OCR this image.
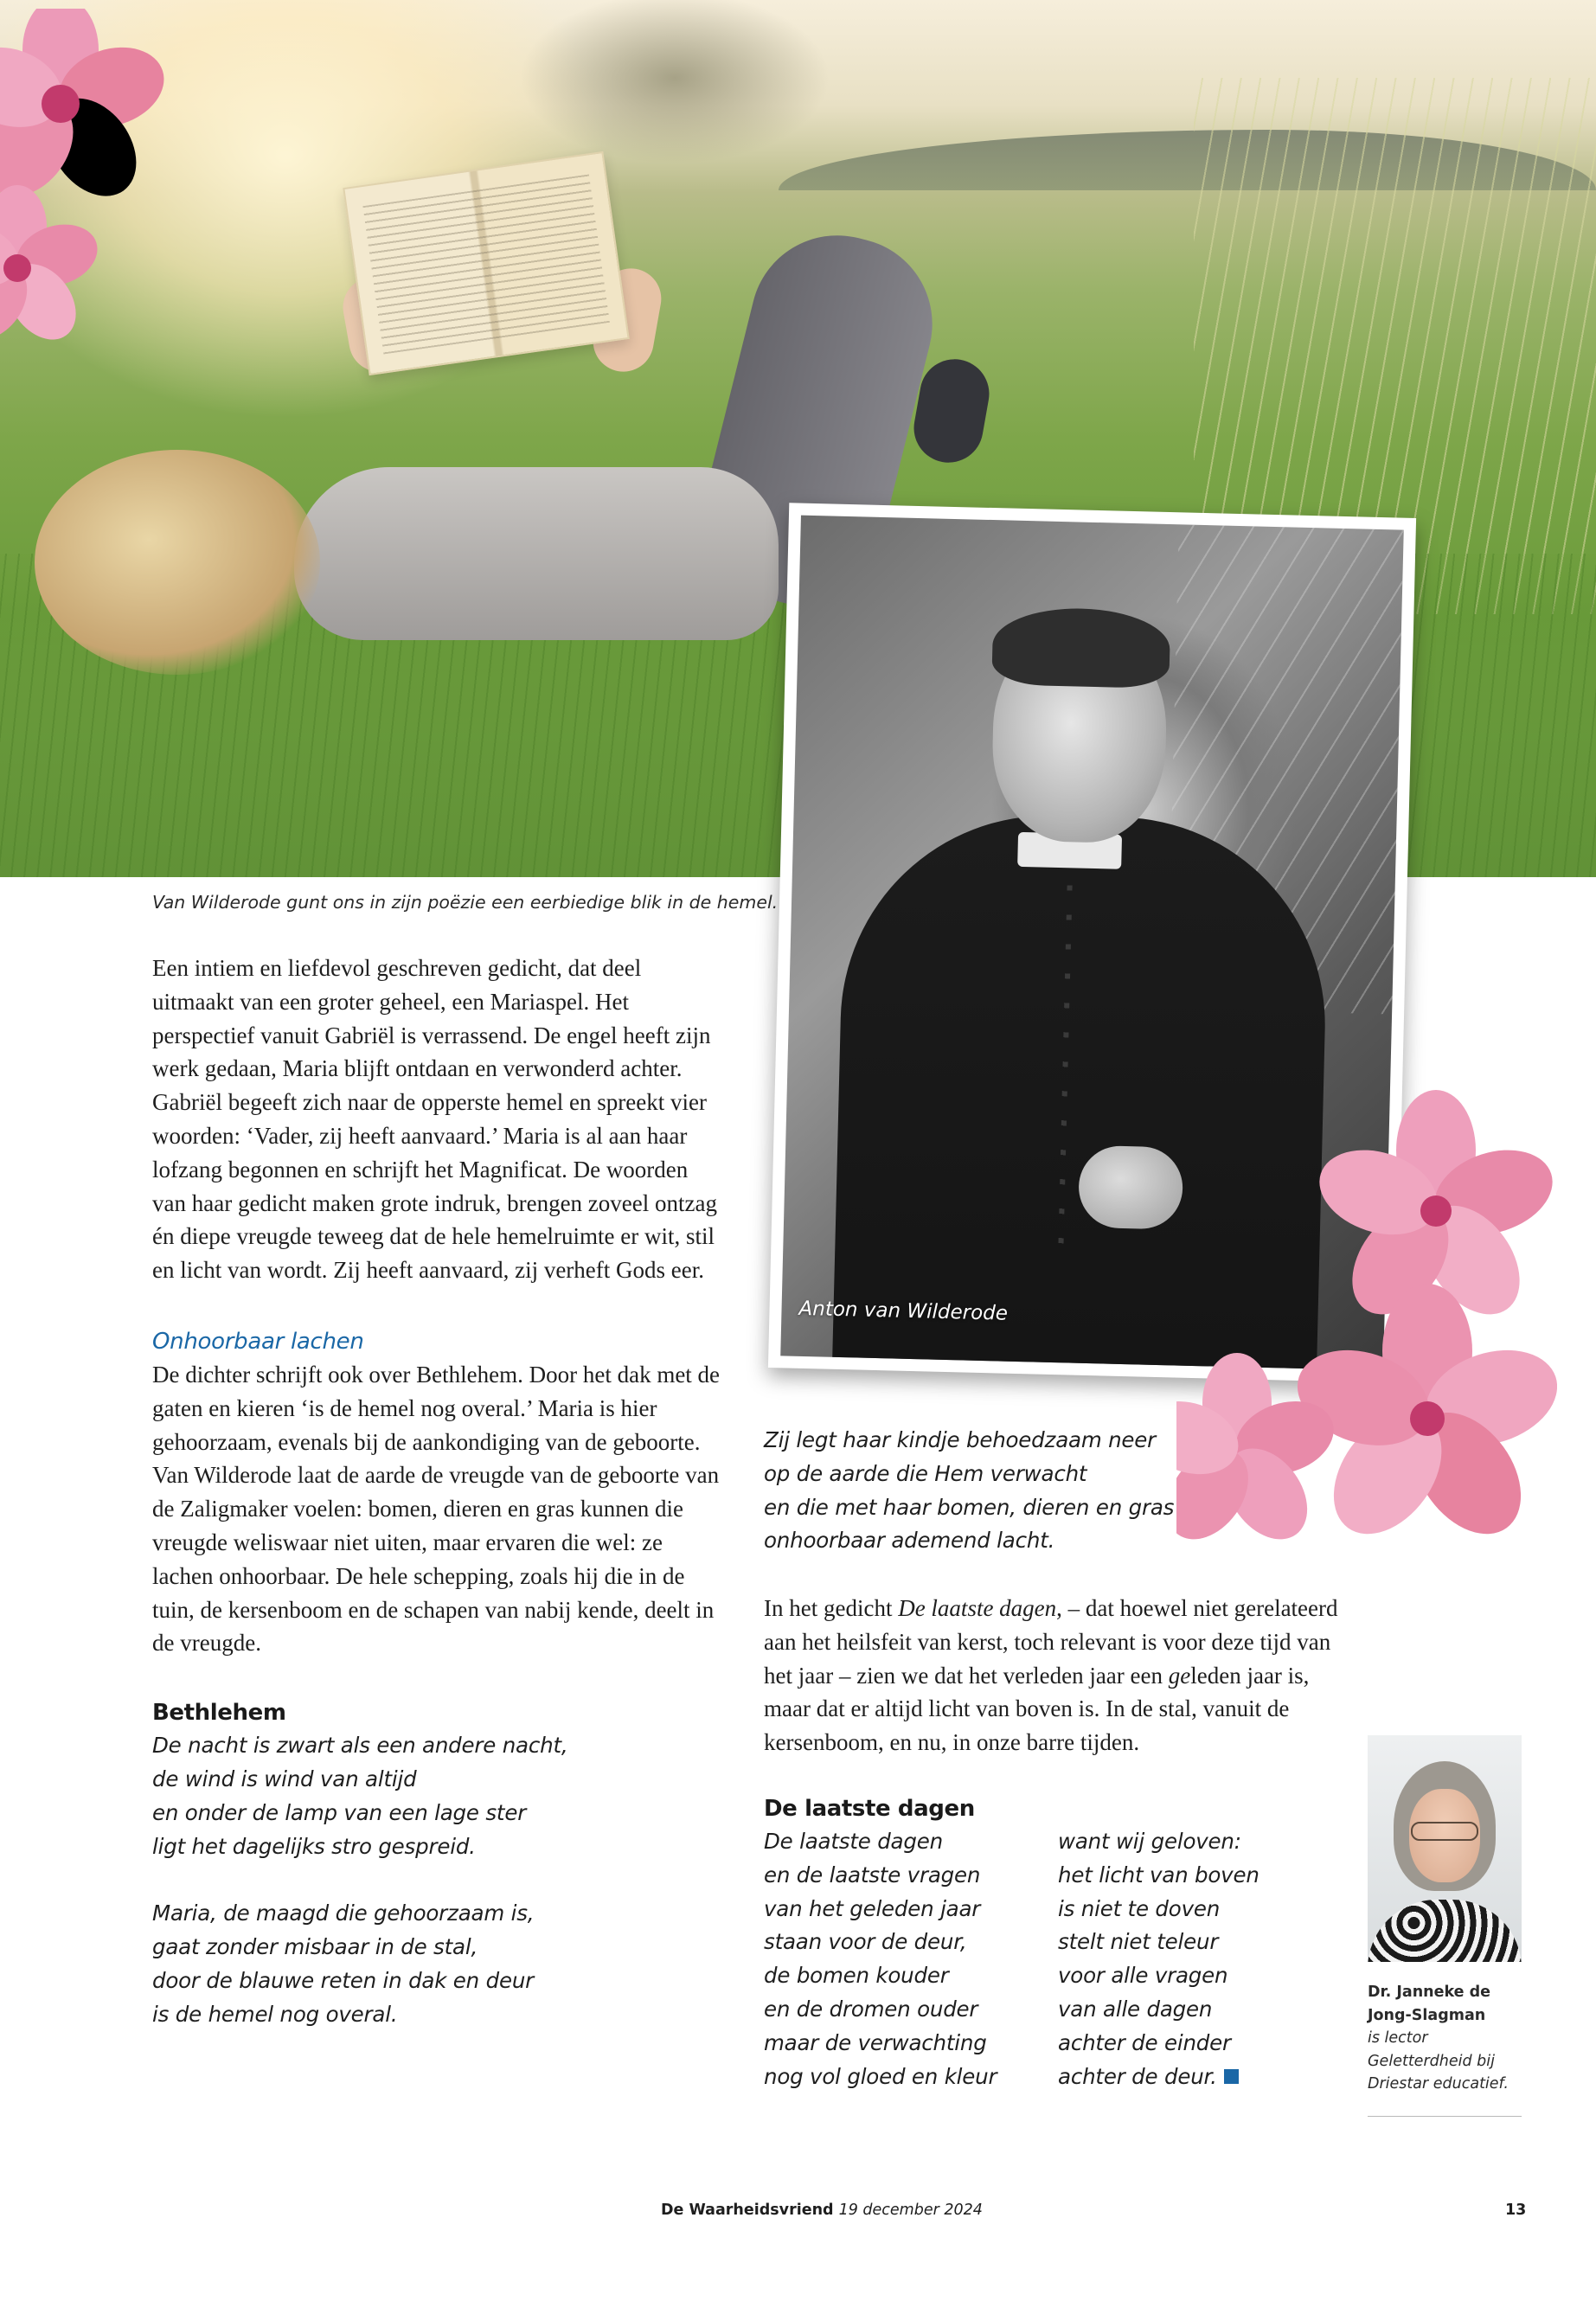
Anton van Wilderode
Van Wilderode gunt ons in zijn poëzie een eerbiedige blik in de hemel.

Een intiem en liefdevol geschreven gedicht, dat deel uitmaakt van een groter geheel, een Mariaspel. Het perspectief vanuit Gabriël is verrassend. De engel heeft zijn werk gedaan, Maria blijft ontdaan en verwonderd achter. Gabriël begeeft zich naar de opperste hemel en spreekt vier woorden: ‘Vader, zij heeft aanvaard.’ Maria is al aan haar lofzang begonnen en schrijft het Magnificat. De woorden van haar gedicht maken grote indruk, brengen zoveel ontzag én diepe vreugde teweeg dat de hele hemelruimte er wit, stil en licht van wordt. Zij heeft aanvaard, zij verheft Gods eer.

Onhoorbaar lachen

De dichter schrijft ook over Bethlehem. Door het dak met de gaten en kieren ‘is de hemel nog overal.’ Maria is hier gehoorzaam, evenals bij de aankondiging van de geboorte. Van Wilderode laat de aarde de vreugde van de geboorte van de Zaligmaker voelen: bomen, dieren en gras kunnen die vreugde weliswaar niet uiten, maar ervaren die wel: ze lachen onhoorbaar. De hele schepping, zoals hij die in de tuin, de kersenboom en de schapen van nabij kende, deelt in de vreugde.

Bethlehem
De nacht is zwart als een andere nacht,
de wind is wind van altijd
en onder de lamp van een lage ster
ligt het dagelijks stro gespreid.
Maria, de maagd die gehoorzaam is,
gaat zonder misbaar in de stal,
door de blauwe reten in dak en deur
is de hemel nog overal.
Zij legt haar kindje behoedzaam neer
op de aarde die Hem verwacht
en die met haar bomen, dieren en gras
onhoorbaar ademend lacht.

In het gedicht De laatste dagen, – dat hoewel niet gerelateerd aan het heilsfeit van kerst, toch relevant is voor deze tijd van het jaar – zien we dat het verleden jaar een geleden jaar is, maar dat er altijd licht van boven is. In de stal, vanuit de kersenboom, en nu, in onze barre tijden.

De laatste dagen
De laatste dagen
en de laatste vragen
van het geleden jaar
staan voor de deur,
de bomen kouder
en de dromen ouder
maar de verwachting
nog vol gloed en kleur
want wij geloven:
het licht van boven
is niet te doven
stelt niet teleur
voor alle vragen
van alle dagen
achter de einder
achter de deur.
Dr. Janneke de Jong-Slagman
is lector Geletterdheid bij Driestar educatief.
De Waarheidsvriend 19 december 2024	13
